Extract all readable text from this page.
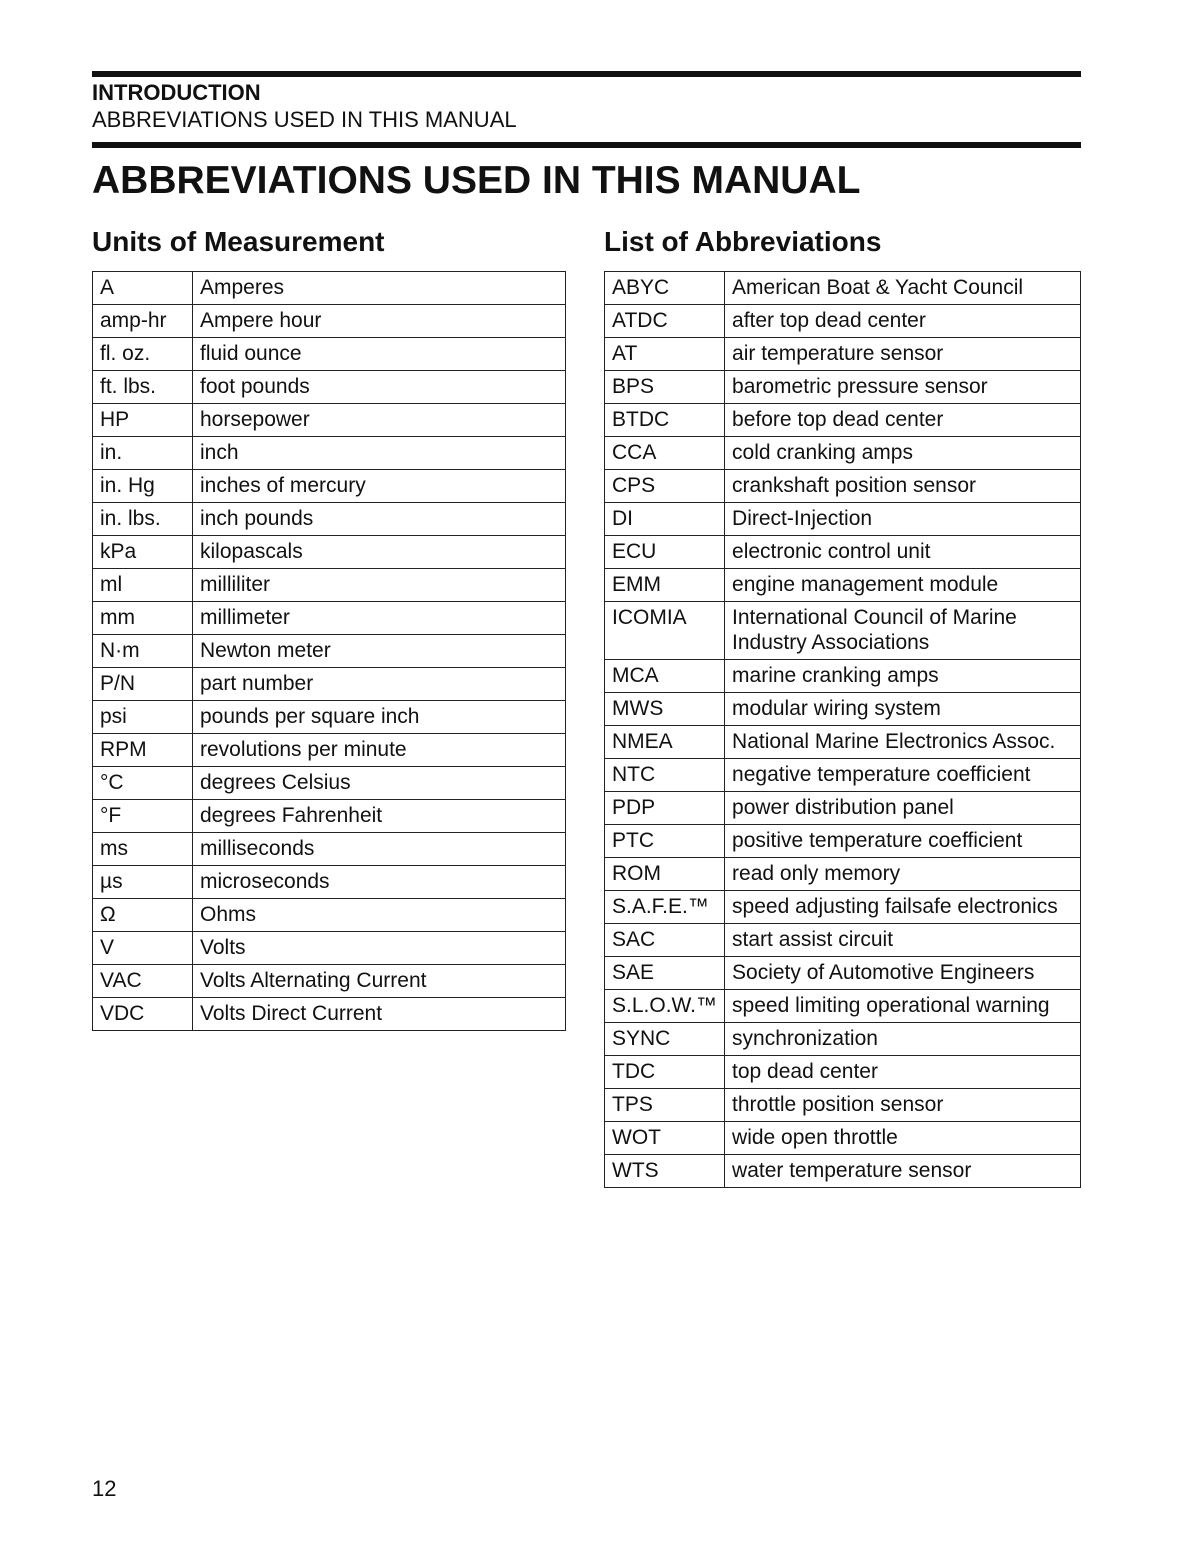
INTRODUCTION
ABBREVIATIONS USED IN THIS MANUAL
ABBREVIATIONS USED IN THIS MANUAL
Units of Measurement	List of Abbreviations
A	Amperes
amp-hr	Ampere hour
fl. oz.	fluid ounce
ft. lbs.	foot pounds
HP	horsepower
in.	inch
in. Hg	inches of mercury
in. lbs.	inch pounds
kPa	kilopascals
ml	milliliter
mm	millimeter
N·m	Newton meter
P/N	part number
psi	pounds per square inch
RPM	revolutions per minute
°C	degrees Celsius
°F	degrees Fahrenheit
ms	milliseconds
µs	microseconds
Ω	Ohms
V	Volts
VAC	Volts Alternating Current
VDC	Volts Direct Current
ABYC	American Boat & Yacht Council
ATDC	after top dead center
AT	air temperature sensor
BPS	barometric pressure sensor
BTDC	before top dead center
CCA	cold cranking amps
CPS	crankshaft position sensor
DI	Direct-Injection
ECU	electronic control unit
EMM	engine management module
ICOMIA	International Council of Marine Industry Associations
MCA	marine cranking amps
MWS	modular wiring system
NMEA	National Marine Electronics Assoc.
NTC	negative temperature coefficient
PDP	power distribution panel
PTC	positive temperature coefficient
ROM	read only memory
S.A.F.E.™	speed adjusting failsafe electronics
SAC	start assist circuit
SAE	Society of Automotive Engineers
S.L.O.W.™	speed limiting operational warning
SYNC	synchronization
TDC	top dead center
TPS	throttle position sensor
WOT	wide open throttle
WTS	water temperature sensor
12
